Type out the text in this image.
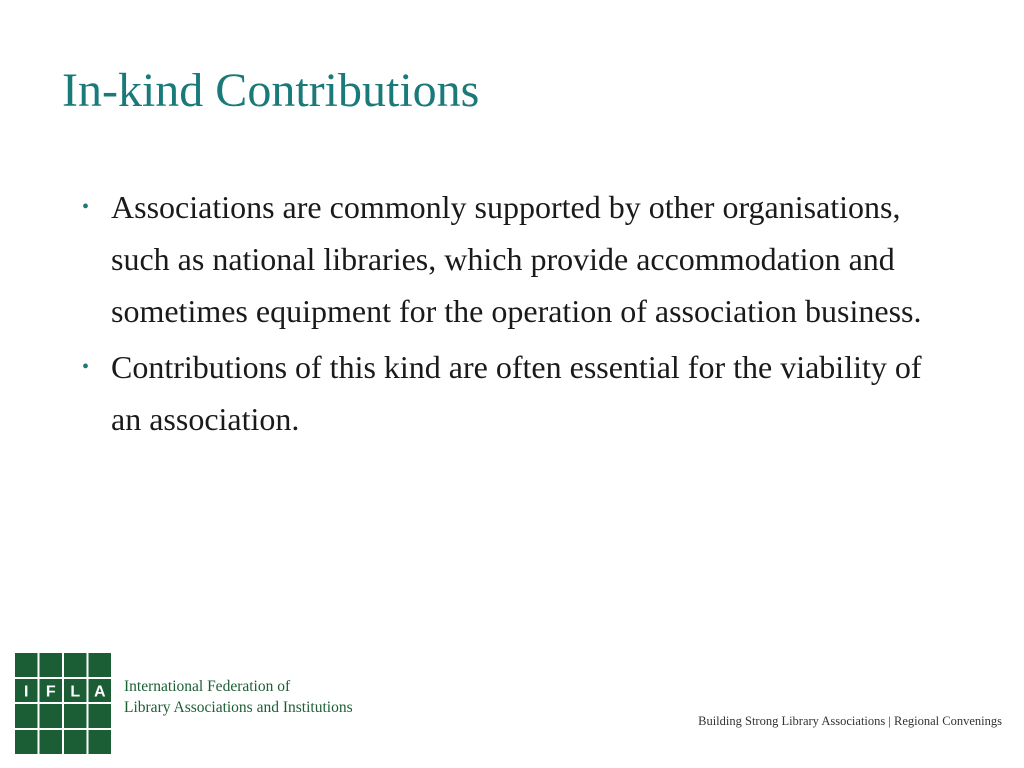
In-kind Contributions
• Associations are commonly supported by other organisations, such as national libraries, which provide accommodation and sometimes equipment for the operation of association business.
• Contributions of this kind are often essential for the viability of an association.
I F L A International Federation of
Library Associations and Institutions
Building Strong Library Associations | Regional Convenings
